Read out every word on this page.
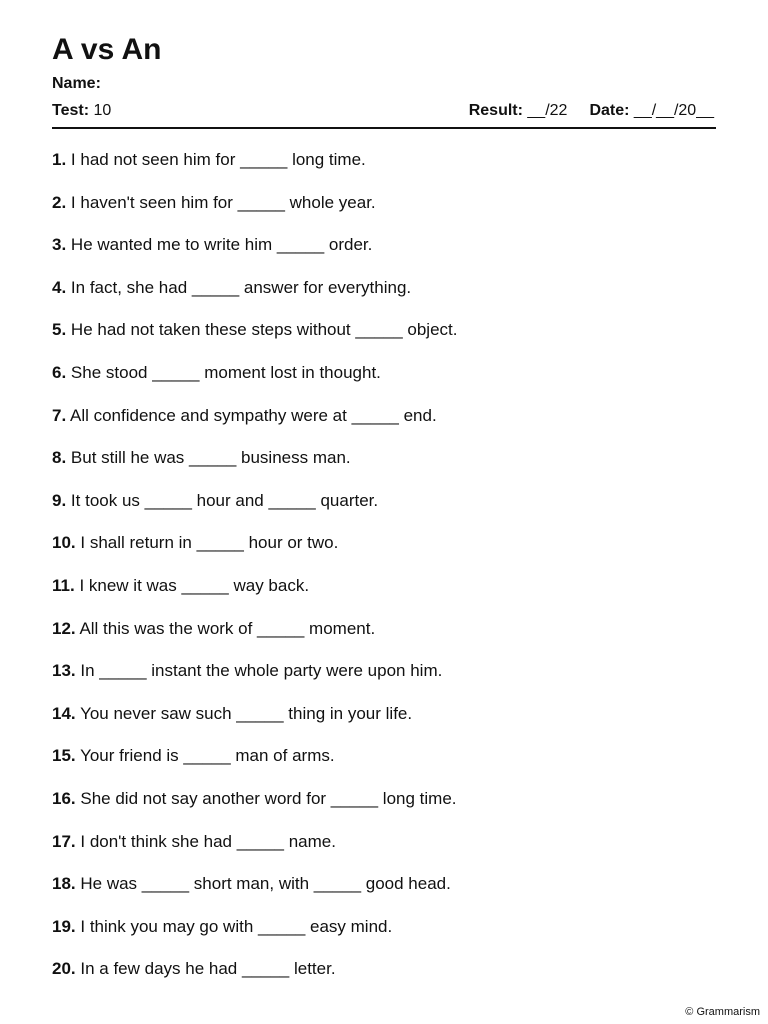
A vs An
Name:
Test: 10	Result: __/22 Date: __/__/20__
1. I had not seen him for _____ long time.
2. I haven't seen him for _____ whole year.
3. He wanted me to write him _____ order.
4. In fact, she had _____ answer for everything.
5. He had not taken these steps without _____ object.
6. She stood _____ moment lost in thought.
7. All confidence and sympathy were at _____ end.
8. But still he was _____ business man.
9. It took us _____ hour and _____ quarter.
10. I shall return in _____ hour or two.
11. I knew it was _____ way back.
12. All this was the work of _____ moment.
13. In _____ instant the whole party were upon him.
14. You never saw such _____ thing in your life.
15. Your friend is _____ man of arms.
16. She did not say another word for _____ long time.
17. I don't think she had _____ name.
18. He was _____ short man, with _____ good head.
19. I think you may go with _____ easy mind.
20. In a few days he had _____ letter.
© Grammarism
